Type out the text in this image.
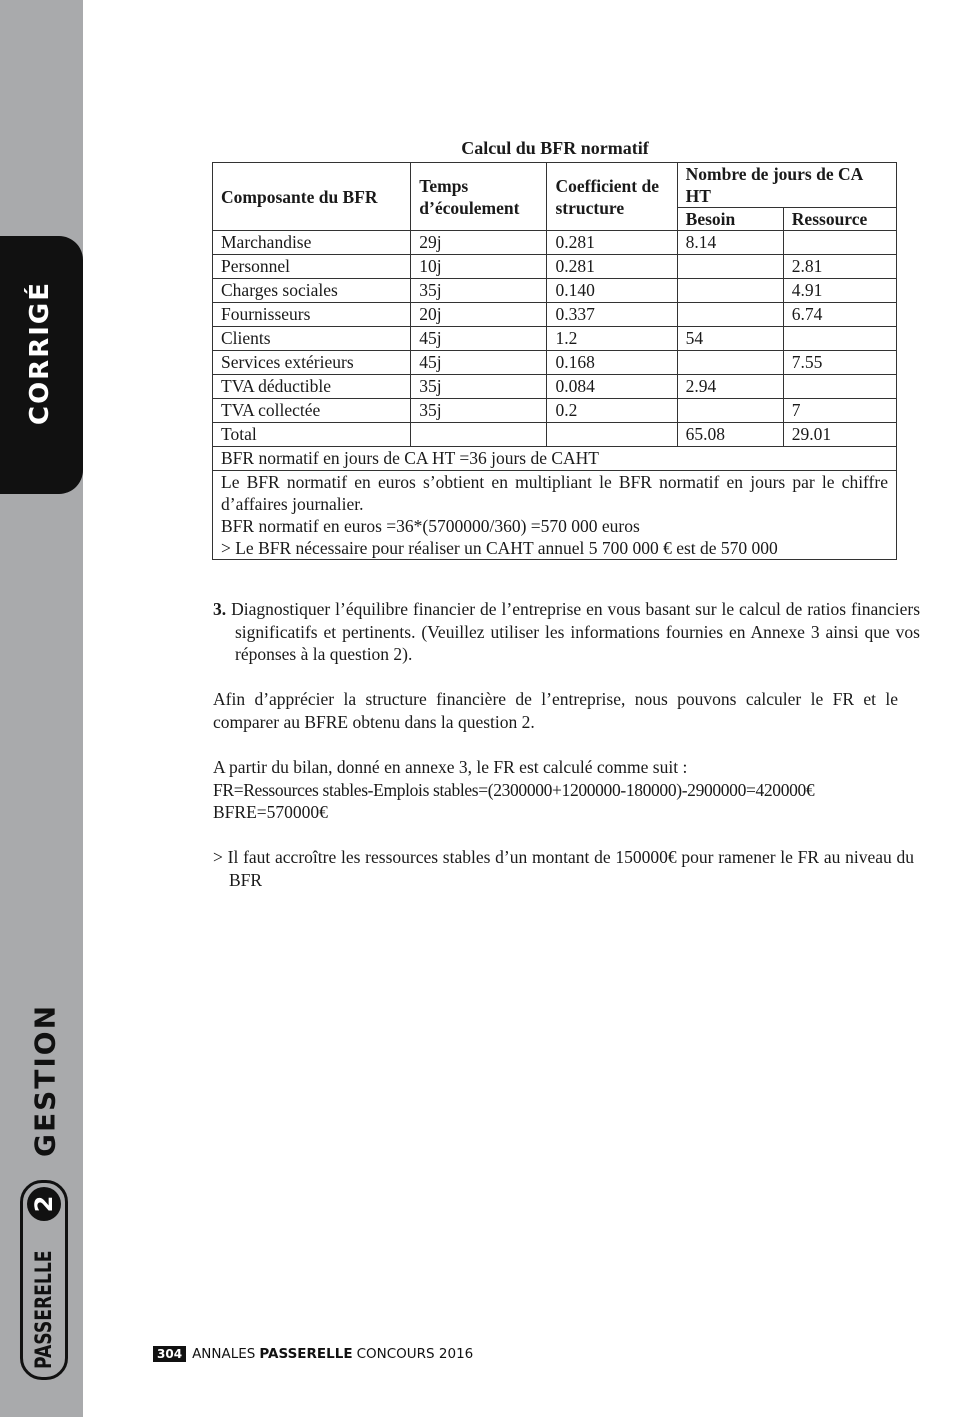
CORRIGÉ
GESTION
PASSERELLE
2
Calcul du BFR normatif
Composante du BFR	Temps d’écoulement	Coefficient de structure	Nombre de jours de CA HT	
			Besoin	Ressource
Marchandise	29j	0.281	8.14	
Personnel	10j	0.281		2.81
Charges sociales	35j	0.140		4.91
Fournisseurs	20j	0.337		6.74
Clients	45j	1.2	54	
Services extérieurs	45j	0.168		7.55
TVA déductible	35j	0.084	2.94	
TVA collectée	35j	0.2		7
Total			65.08	29.01
BFR normatif en jours de CA HT =36 jours de CAHT				

Le BFR normatif en euros s’obtient en multipliant le BFR normatif en jours par le chiffre d’affaires journalier.
BFR normatif en euros =36*(5700000/360) =570 000 euros
> Le BFR nécessaire pour réaliser un CAHT annuel 5 700 000 € est de 570 000				
3. Diagnostiquer l’équilibre financier de l’entreprise en vous basant sur le calcul de ratios financiers significatifs et pertinents. (Veuillez utiliser les informations fournies en Annexe 3 ainsi que vos réponses à la question 2).
Afin d’apprécier la structure financière de l’entreprise, nous pouvons calculer le FR et le comparer au BFRE obtenu dans la question 2.
A partir du bilan, donné en annexe 3, le FR est calculé comme suit :
FR=Ressources stables-Emplois stables=(2300000+1200000-180000)-2900000=420000€
BFRE=570000€
> Il faut accroître les ressources stables d’un montant de 150000€ pour ramener le FR au niveau du BFR
304 ANNALES PASSERELLE CONCOURS 2016
